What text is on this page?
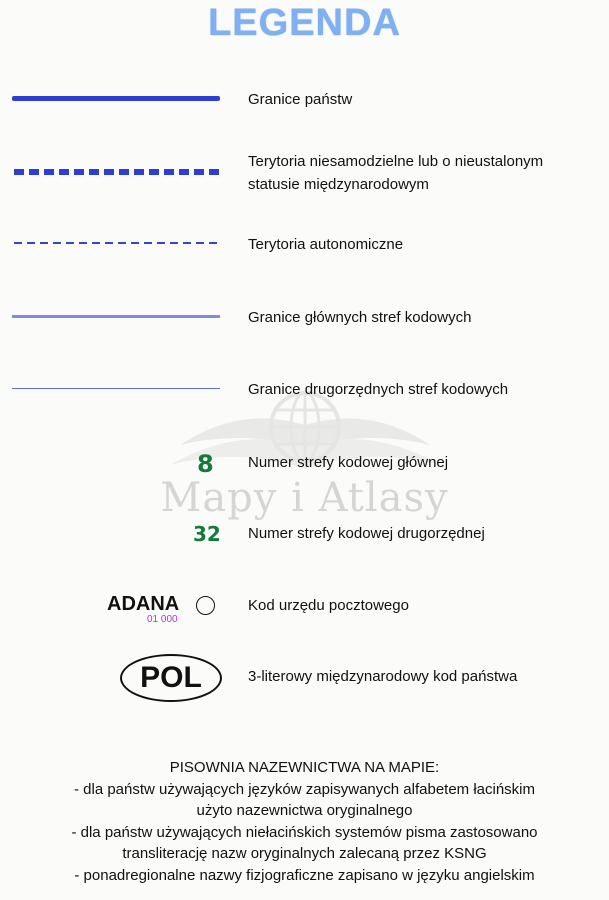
LEGENDA
Mapy i Atlasy
Granice państw
Terytoria niesamodzielne lub o nieustalonym
statusie międzynarodowym
Terytoria autonomiczne
Granice głównych stref kodowych
Granice drugorzędnych stref kodowych
8 Numer strefy kodowej głównej
32 Numer strefy kodowej drugorzędnej
ADANA
01 000
Kod urzędu pocztowego
POL	3-literowy międzynarodowy kod państwa
PISOWNIA NAZEWNICTWA NA MAPIE:
- dla państw używających języków zapisywanych alfabetem łacińskim
użyto nazewnictwa oryginalnego
- dla państw używających niełacińskich systemów pisma zastosowano
transliterację nazw oryginalnych zalecaną przez KSNG
- ponadregionalne nazwy fizjograficzne zapisano w języku angielskim
